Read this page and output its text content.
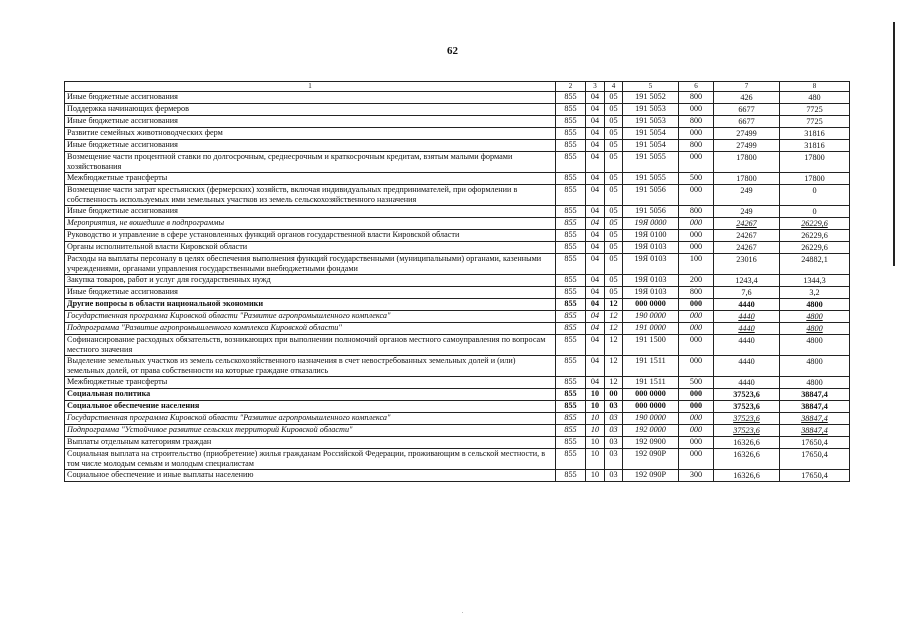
62
1	2	3	4	5	6	7	8
Иные бюджетные ассигнования	855	04	05	191 5052	800	426	480
Поддержка начинающих фермеров	855	04	05	191 5053	000	6677	7725
Иные бюджетные ассигнования	855	04	05	191 5053	800	6677	7725
Развитие семейных животноводческих ферм	855	04	05	191 5054	000	27499	31816
Иные бюджетные ассигнования	855	04	05	191 5054	800	27499	31816
Возмещение части процентной ставки по долгосрочным, среднесрочным и краткосрочным кредитам, взятым малыми формами хозяйствования	855	04	05	191 5055	000	17800	17800
Межбюджетные трансферты	855	04	05	191 5055	500	17800	17800
Возмещение части затрат крестьянских (фермерских) хозяйств, включая индивидуальных предпринимателей, при оформлении в собственность используемых ими земельных участков из земель сельскохозяйственного назначения	855	04	05	191 5056	000	249	0
Иные бюджетные ассигнования	855	04	05	191 5056	800	249	0
Мероприятия, не вошедшие в подпрограммы	855	04	05	19Я 0000	000	24267	26229,6
Руководство и управление в сфере установленных функций органов государственной власти Кировской области	855	04	05	19Я 0100	000	24267	26229,6
Органы исполнительной власти Кировской области	855	04	05	19Я 0103	000	24267	26229,6
Расходы на выплаты персоналу в целях обеспечения выполнения функций государственными (муниципальными) органами, казенными учреждениями, органами управления государственными внебюджетными фондами	855	04	05	19Я 0103	100	23016	24882,1
Закупка товаров, работ и услуг для государственных нужд	855	04	05	19Я 0103	200	1243,4	1344,3
Иные бюджетные ассигнования	855	04	05	19Я 0103	800	7,6	3,2
Другие вопросы в области национальной экономики	855	04	12	000 0000	000	4440	4800
Государственная программа Кировской области "Развитие агропромышленного комплекса"	855	04	12	190 0000	000	4440	4800
Подпрограмма "Развитие агропромышленного комплекса Кировской области"	855	04	12	191 0000	000	4440	4800
Софинансирование расходных обязательств, возникающих при выполнении полномочий органов местного самоуправления по вопросам местного значения	855	04	12	191 1500	000	4440	4800
Выделение земельных участков из земель сельскохозяйственного назначения в счет невостребованных земельных долей и (или) земельных долей, от права собственности на которые граждане отказались	855	04	12	191 1511	000	4440	4800
Межбюджетные трансферты	855	04	12	191 1511	500	4440	4800
Социальная политика	855	10	00	000 0000	000	37523,6	38847,4
Социальное обеспечение населения	855	10	03	000 0000	000	37523,6	38847,4
Государственная программа Кировской области "Развитие агропромышленного комплекса"	855	10	03	190 0000	000	37523,6	38847,4
Подпрограмма "Устойчивое развитие сельских территорий Кировской области"	855	10	03	192 0000	000	37523,6	38847,4
Выплаты отдельным категориям граждан	855	10	03	192 0900	000	16326,6	17650,4
Социальная выплата на строительство (приобретение) жилья гражданам Российской Федерации, проживающим в сельской местности, в том числе молодым семьям и молодым специалистам	855	10	03	192 090Р	000	16326,6	17650,4
Социальное обеспечение и иные выплаты населению	855	10	03	192 090Р	300	16326,6	17650,4
